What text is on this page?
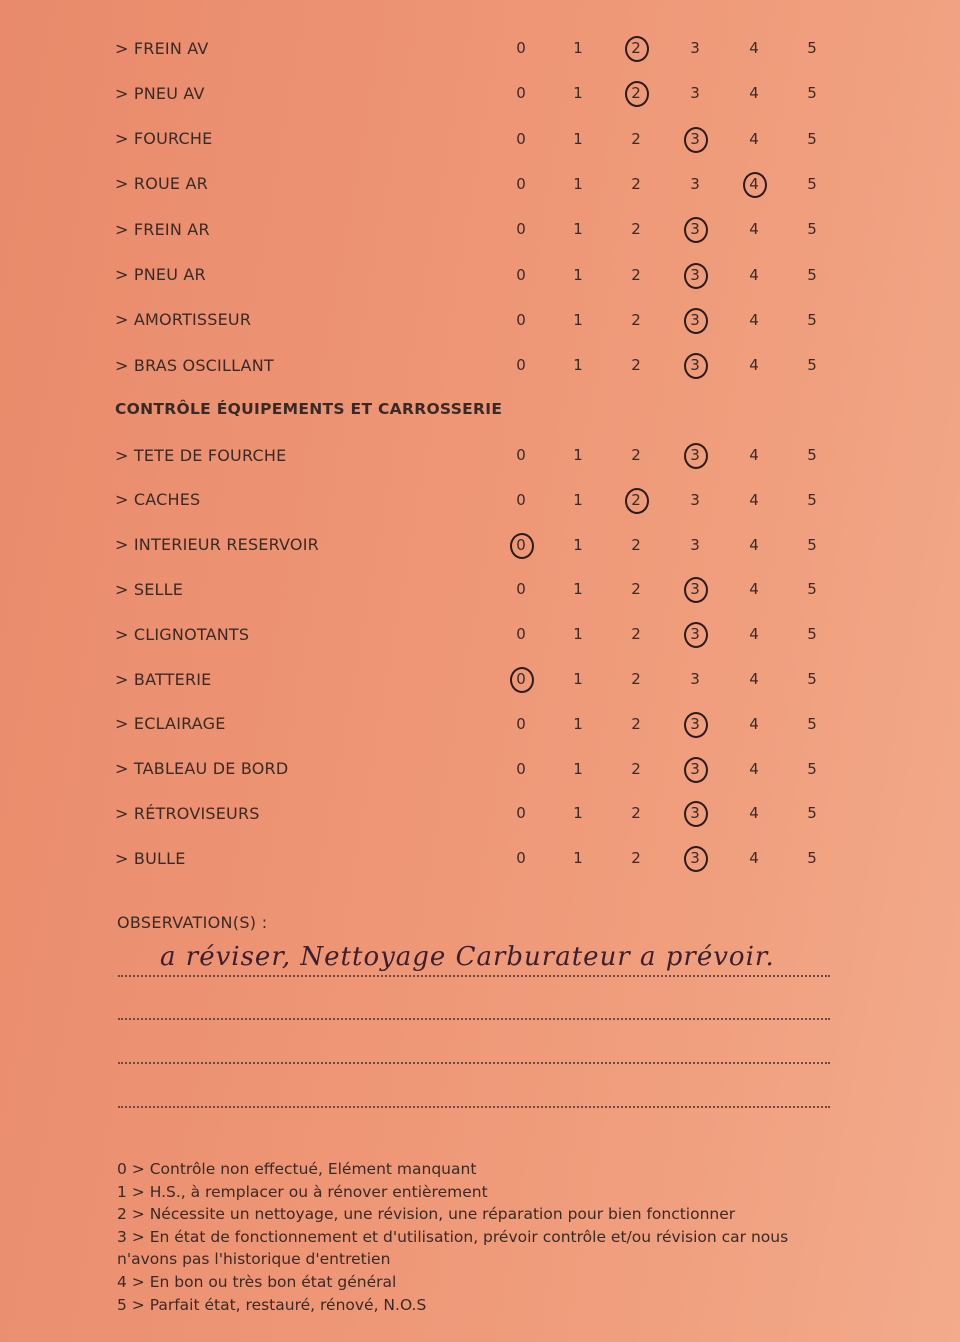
> FREIN AV	0	1	2	3	4	5
> PNEU AV	0	1	2	3	4	5
> FOURCHE	0	1	2	3	4	5
> ROUE AR	0	1	2	3	4	5
> FREIN AR	0	1	2	3	4	5
> PNEU AR	0	1	2	3	4	5
> AMORTISSEUR	0	1	2	3	4	5
> BRAS OSCILLANT	0	1	2	3	4	5
> TETE DE FOURCHE	0	1	2	3	4	5
> CACHES	0	1	2	3	4	5
> INTERIEUR RESERVOIR	0	1	2	3	4	5
> SELLE	0	1	2	3	4	5
> CLIGNOTANTS	0	1	2	3	4	5
> BATTERIE	0	1	2	3	4	5
> ECLAIRAGE	0	1	2	3	4	5
> TABLEAU DE BORD	0	1	2	3	4	5
> RÉTROVISEURS	0	1	2	3	4	5
> BULLE	0	1	2	3	4	5
CONTRÔLE ÉQUIPEMENTS ET CARROSSERIE
OBSERVATION(S) :
a réviser, Nettoyage Carburateur a prévoir.
0 > Contrôle non effectué, Elément manquant
1 > H.S., à remplacer ou à rénover entièrement
2 > Nécessite un nettoyage, une révision, une réparation pour bien fonctionner
3 > En état de fonctionnement et d'utilisation, prévoir contrôle et/ou révision car nous
n'avons pas l'historique d'entretien
4 > En bon ou très bon état général
5 > Parfait état, restauré, rénové, N.O.S
